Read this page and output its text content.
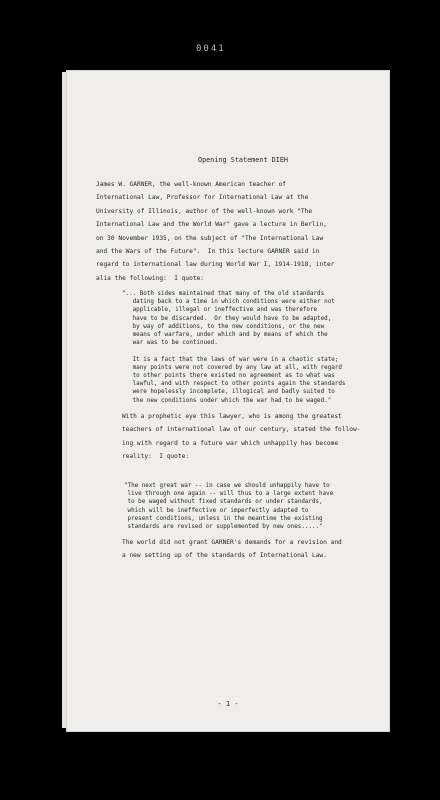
0041
Opening Statement DIEH
James W. GARNER, the well-known American teacher of
International Law, Professor for International Law at the
University of Illinois, author of the well-known work "The
International Law and the World War" gave a lecture in Berlin,
on 30 November 1935, on the subject of "The International Law
and the Wars of the Future".  In this lecture GARNER said in
regard to international law during World War I, 1914-1918, inter
alia the following:  I quote:
"... Both sides maintained that many of the old standards
dating back to a time in which conditions were either not
applicable, illegal or ineffective and was therefore
have to be discarded.  Or they would have to be adapted,
by way of additions, to the new conditions, or the new
means of warfare, under which and by means of which the
war was to be continued.

It is a fact that the laws of war were in a chaotic state;
many points were not covered by any law at all, with regard
to other points there existed no agreement as to what was
lawful, and with respect to other points again the standards
were hopelessly incomplete, illogical and badly suited to
the new conditions under which the war had to be waged."
With a prophetic eye this lawyer, who is among the greatest
teachers of international law of our century, stated the follow-
ing with regard to a future war which unhappily has become
reality:  I quote:
"The next great war -- in case we should unhappily have to
live through one again -- will thus to a large extent have
to be waged without fixed standards or under standards,
which will be ineffective or imperfectly adapted to
present conditions, unless in the meantime the existing
standards are revised or supplemented by new ones....."
The world did not grant GARNER's demands for a revision and
a new setting up of the standards of International Law.
- 1 -
